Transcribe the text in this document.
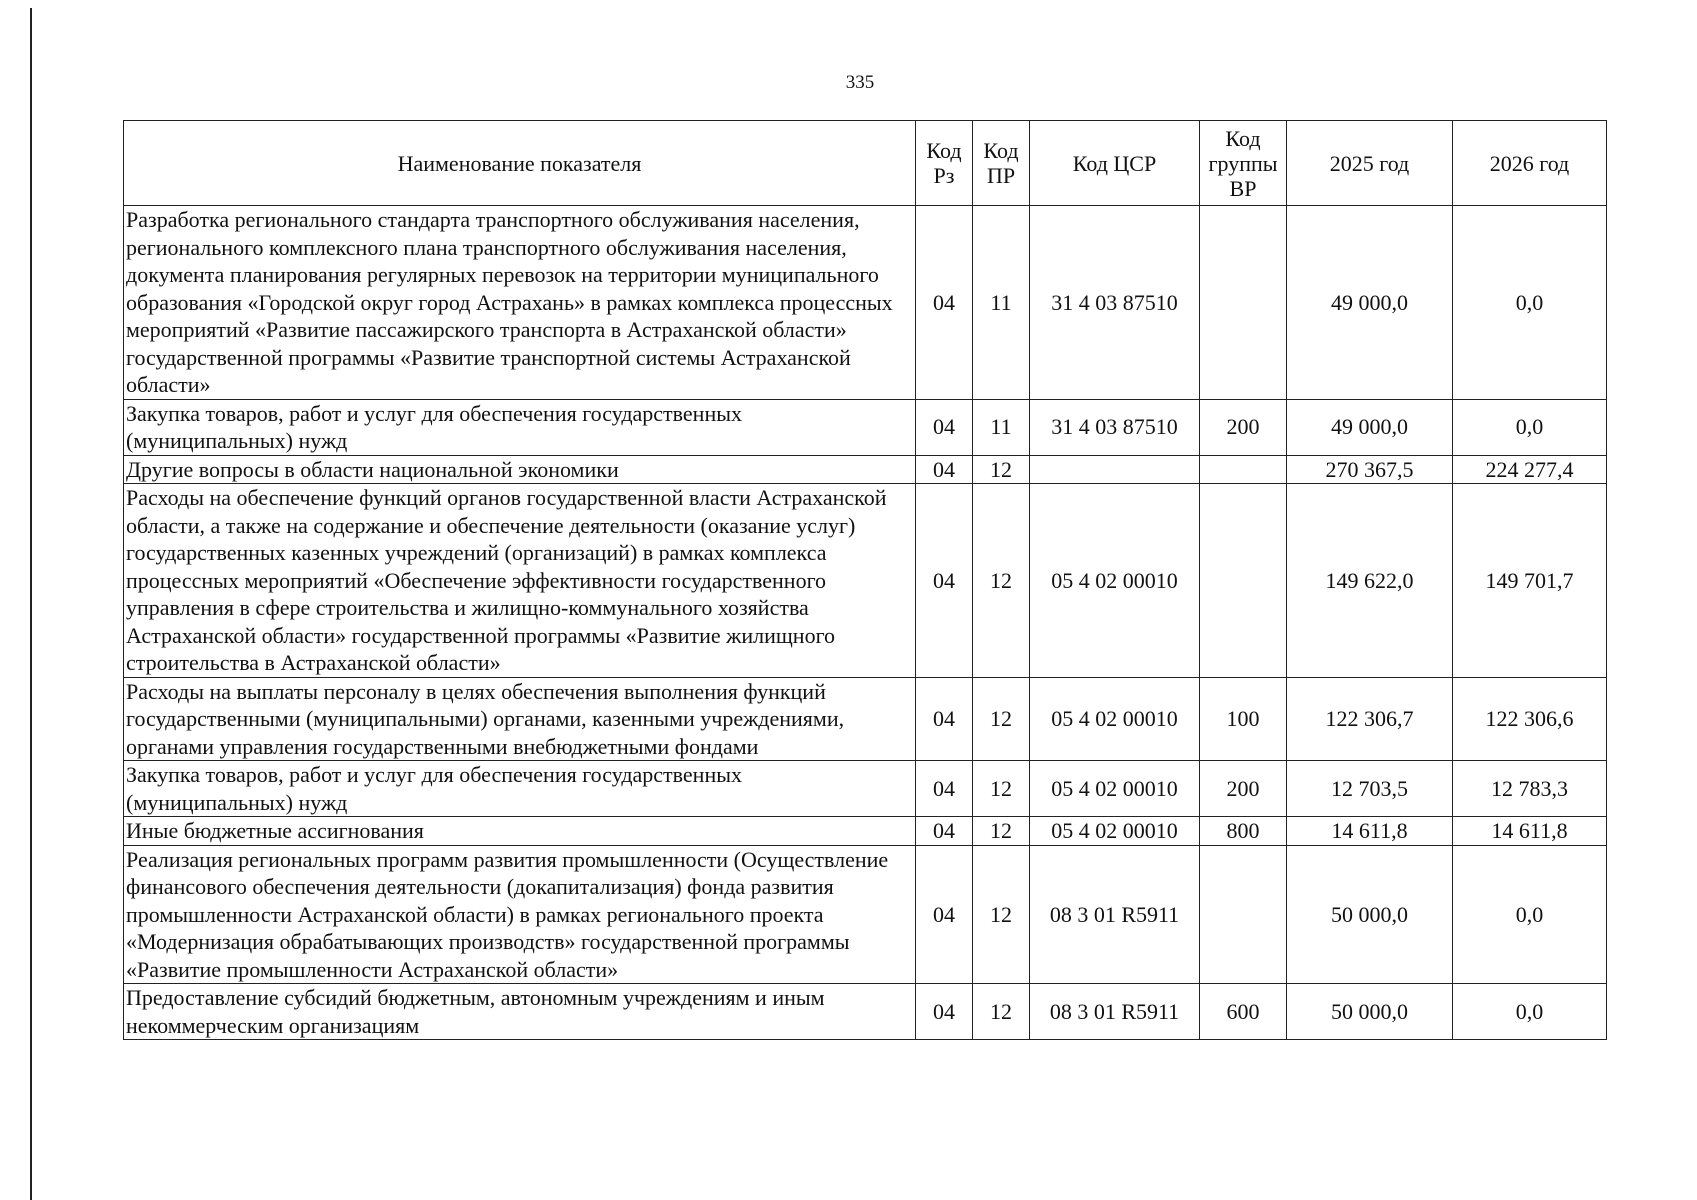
335
Наименование показателя	Код Рз	Код ПР	Код ЦСР	Код группы ВР	2025 год	2026 год
Разработка регионального стандарта транспортного обслуживания населения, регионального комплексного плана транспортного обслуживания населения, документа планирования регулярных перевозок на территории муниципального образования «Городской округ город Астрахань» в рамках комплекса процессных мероприятий «Развитие пассажирского транспорта в Астраханской области» государственной программы «Развитие транспортной системы Астраханской области»	04	11	31 4 03 87510		49 000,0	0,0
Закупка товаров, работ и услуг для обеспечения государственных (муниципальных) нужд	04	11	31 4 03 87510	200	49 000,0	0,0
Другие вопросы в области национальной экономики	04	12			270 367,5	224 277,4
Расходы на обеспечение функций органов государственной власти Астраханской области, а также на содержание и обеспечение деятельности (оказание услуг) государственных казенных учреждений (организаций) в рамках комплекса процессных мероприятий «Обеспечение эффективности государственного управления в сфере строительства и жилищно-коммунального хозяйства Астраханской области» государственной программы «Развитие жилищного строительства в Астраханской области»	04	12	05 4 02 00010		149 622,0	149 701,7
Расходы на выплаты персоналу в целях обеспечения выполнения функций государственными (муниципальными) органами, казенными учреждениями, органами управления государственными внебюджетными фондами	04	12	05 4 02 00010	100	122 306,7	122 306,6
Закупка товаров, работ и услуг для обеспечения государственных (муниципальных) нужд	04	12	05 4 02 00010	200	12 703,5	12 783,3
Иные бюджетные ассигнования	04	12	05 4 02 00010	800	14 611,8	14 611,8
Реализация региональных программ развития промышленности (Осуществление финансового обеспечения деятельности (докапитализация) фонда развития промышленности Астраханской области) в рамках регионального проекта «Модернизация обрабатывающих производств» государственной программы «Развитие промышленности Астраханской области»	04	12	08 3 01 R5911		50 000,0	0,0
Предоставление субсидий бюджетным, автономным учреждениям и иным некоммерческим организациям	04	12	08 3 01 R5911	600	50 000,0	0,0
